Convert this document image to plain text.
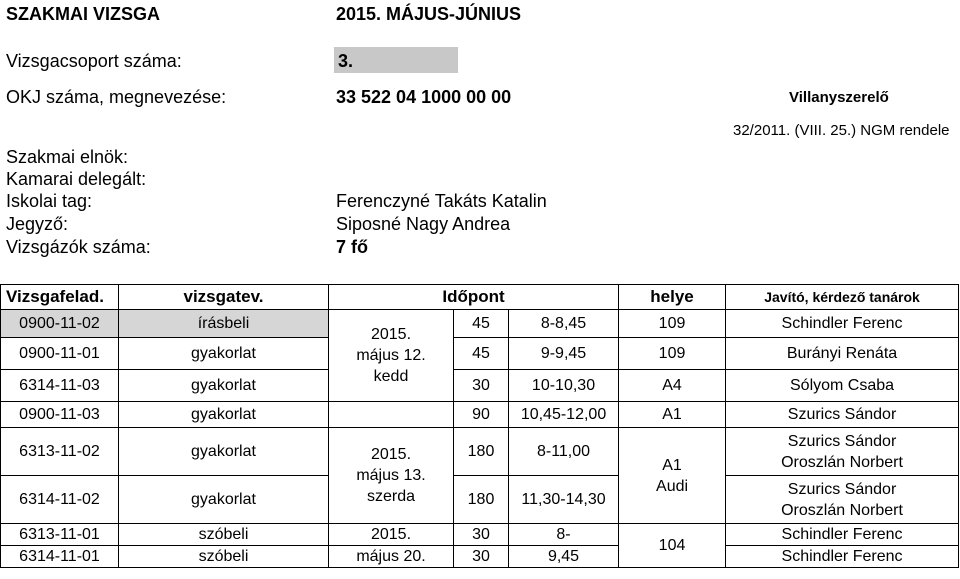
SZAKMAI VIZSGA	2015. MÁJUS-JÚNIUS
Vizsgacsoport száma:	3.
OKJ száma, megnevezése:	33 522 04 1000 00 00	Villanyszerelő
32/2011. (VIII. 25.) NGM rendele
Szakmai elnök:
Kamarai delegált:
Iskolai tag:	Ferenczyné Takáts Katalin
Jegyző:	Siposné Nagy Andrea
Vizsgázók száma:	7 fő
Vizsgafelad.	vizsgatev.	Időpont			helye	Javító, kérdező tanárok
0900-11-02	írásbeli	2015.
május 12.
kedd	45	8-8,45	109	Schindler Ferenc
0900-11-01	gyakorlat		45	9-9,45	109	Burányi Renáta
6314-11-03	gyakorlat		30	10-10,30	A4	Sólyom Csaba
0900-11-03	gyakorlat		90	10,45-12,00	A1	Szurics Sándor
6313-11-02	gyakorlat	2015.
május 13.
szerda	180	8-11,00	A1
Audi	Szurics Sándor
Oroszlán Norbert
6314-11-02	gyakorlat		180	11,30-14,30		Szurics Sándor
Oroszlán Norbert
6313-11-01	szóbeli	2015.	30	8-	104	Schindler Ferenc
6314-11-01	szóbeli	május 20.	30	9,45		Schindler Ferenc
